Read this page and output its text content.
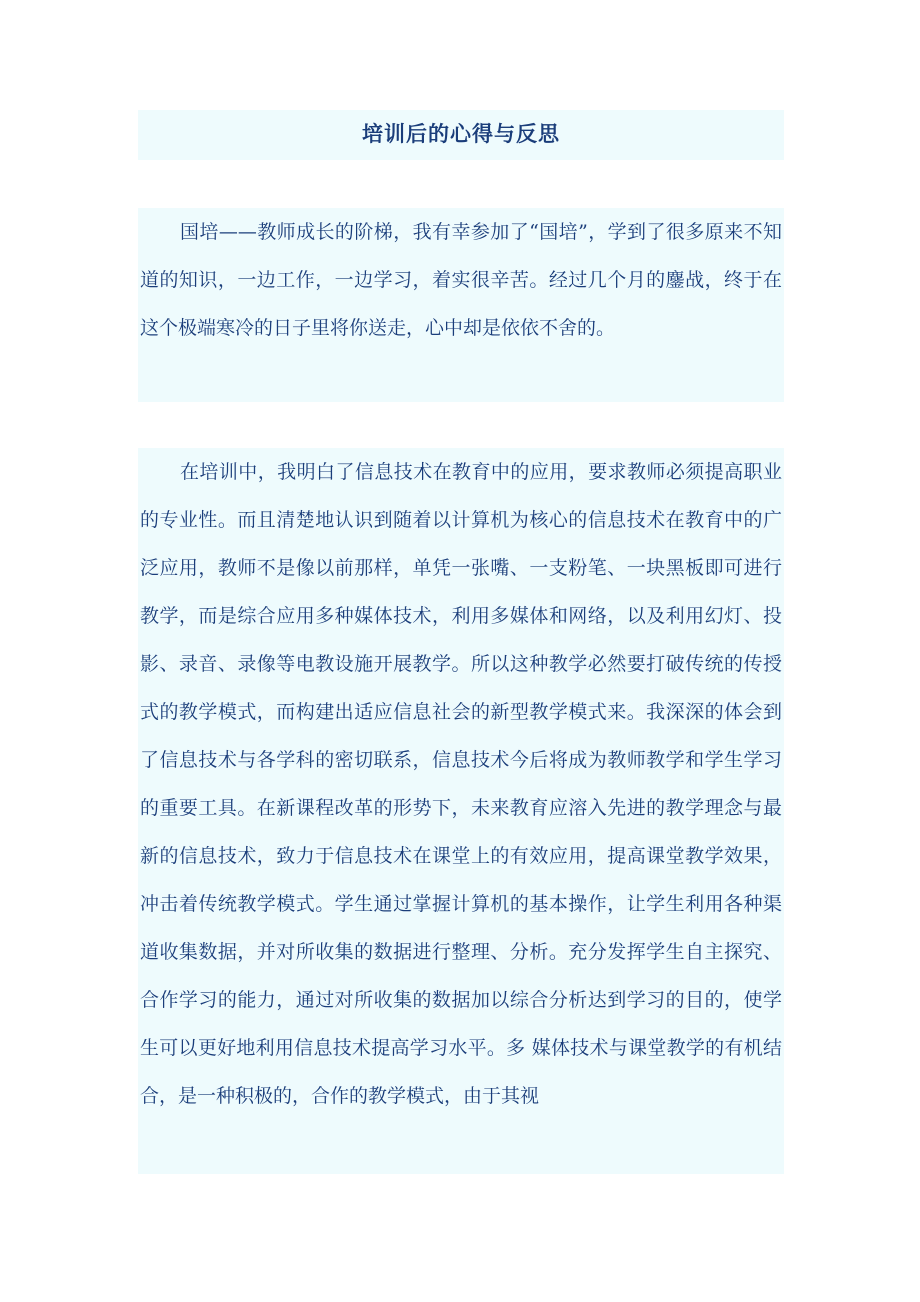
培训后的心得与反思
国培——教师成长的阶梯，我有幸参加了“国培”，学到了很多原来不知道的知识，一边工作，一边学习，着实很辛苦。经过几个月的鏖战，终于在这个极端寒冷的日子里将你送走，心中却是依依不舍的。
在培训中，我明白了信息技术在教育中的应用，要求教师必须提高职业的专业性。而且清楚地认识到随着以计算机为核心的信息技术在教育中的广泛应用，教师不是像以前那样，单凭一张嘴、一支粉笔、一块黑板即可进行教学，而是综合应用多种媒体技术，利用多媒体和网络，以及利用幻灯、投影、录音、录像等电教设施开展教学。所以这种教学必然要打破传统的传授式的教学模式，而构建出适应信息社会的新型教学模式来。我深深的体会到了信息技术与各学科的密切联系，信息技术今后将成为教师教学和学生学习的重要工具。在新课程改革的形势下，未来教育应溶入先进的教学理念与最新的信息技术，致力于信息技术在课堂上的有效应用，提高课堂教学效果，冲击着传统教学模式。学生通过掌握计算机的基本操作，让学生利用各种渠道收集数据，并对所收集的数据进行整理、分析。充分发挥学生自主探究、合作学习的能力，通过对所收集的数据加以综合分析达到学习的目的，使学生可以更好地利用信息技术提高学习水平。多 媒体技术与课堂教学的有机结合，是一种积极的，合作的教学模式，由于其视
